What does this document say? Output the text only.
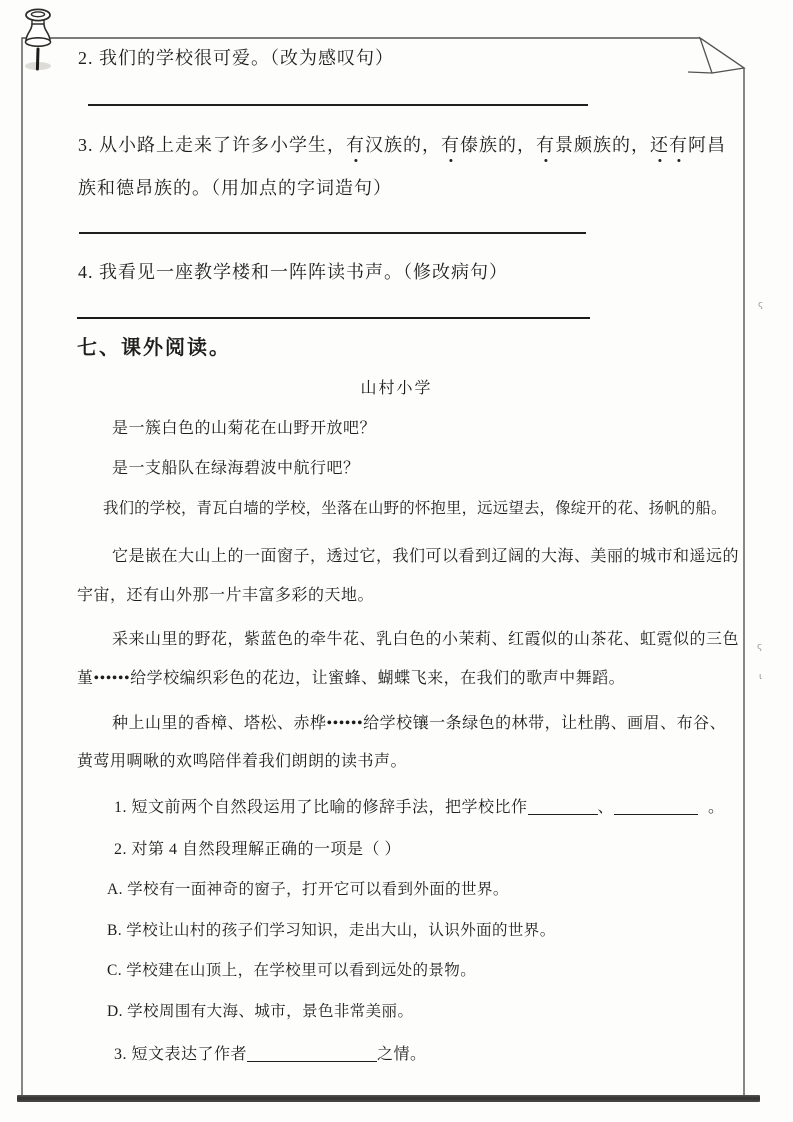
2. 我们的学校很可爱。（改为感叹句）
3. 从小路上走来了许多小学生，有汉族的，有傣族的，有景颇族的，还有阿昌
族和德昂族的。（用加点的字词造句）
4. 我看见一座教学楼和一阵阵读书声。（修改病句）
七、课外阅读。
山村小学
是一簇白色的山菊花在山野开放吧？
是一支船队在绿海碧波中航行吧？
我们的学校，青瓦白墙的学校，坐落在山野的怀抱里，远远望去，像绽开的花、扬帆的船。
它是嵌在大山上的一面窗子，透过它，我们可以看到辽阔的大海、美丽的城市和遥远的
宇宙，还有山外那一片丰富多彩的天地。
采来山里的野花，紫蓝色的牵牛花、乳白色的小茉莉、红霞似的山茶花、虹霓似的三色
堇••••••给学校编织彩色的花边，让蜜蜂、蝴蝶飞来，在我们的歌声中舞蹈。
种上山里的香樟、塔松、赤桦••••••给学校镶一条绿色的林带，让杜鹃、画眉、布谷、
黄莺用啁啾的欢鸣陪伴着我们朗朗的读书声。
1. 短文前两个自然段运用了比喻的修辞手法，把学校比作	、	。
2. 对第 4 自然段理解正确的一项是（ ）
A. 学校有一面神奇的窗子，打开它可以看到外面的世界。
B. 学校让山村的孩子们学习知识，走出大山，认识外面的世界。
C. 学校建在山顶上，在学校里可以看到远处的景物。
D. 学校周围有大海、城市，景色非常美丽。
3. 短文表达了作者	之情。
ς
ς
ι
